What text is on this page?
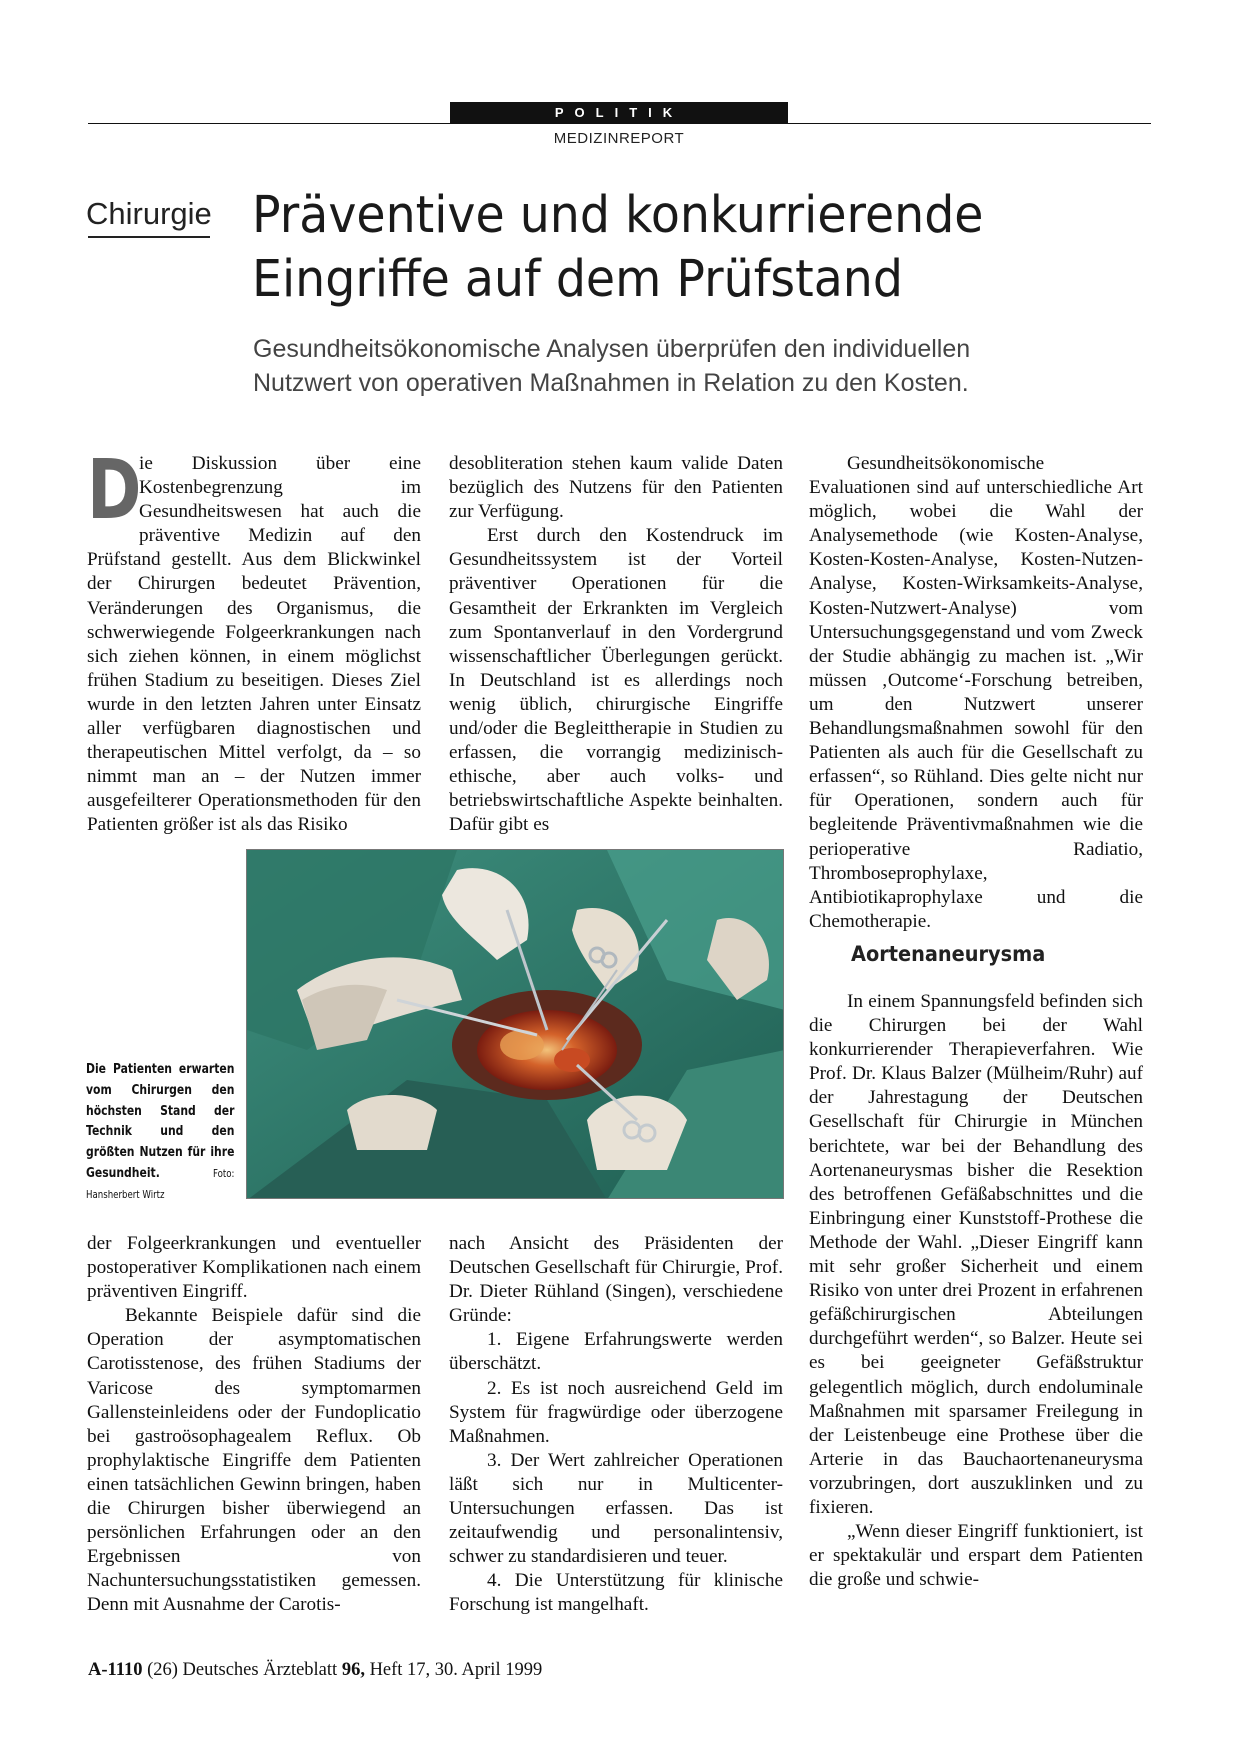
POLITIK
MEDIZINREPORT
Chirurgie Präventive und konkurrierende
Eingriffe auf dem Prüfstand
Gesundheitsökonomische Analysen überprüfen den individuellen
Nutzwert von operativen Maßnahmen in Relation zu den Kosten.

D
ie Diskussion über eine Kostenbegrenzung im Gesundheitswesen hat auch die präventive Medizin auf den Prüfstand gestellt. Aus dem Blickwinkel der Chirurgen bedeutet Prävention, Veränderungen des Organismus, die schwerwiegende Folgeerkrankungen nach sich ziehen können, in einem möglichst frühen Stadium zu beseitigen. Dieses Ziel wurde in den letzten Jahren unter Einsatz aller verfügbaren diagnostischen und therapeutischen Mittel verfolgt, da – so nimmt man an – der Nutzen immer ausgefeilterer Operationsmethoden für den Patienten größer ist als das Risiko

desobliteration stehen kaum valide Daten bezüglich des Nutzens für den Patienten zur Verfügung.

Erst durch den Kostendruck im Gesundheitssystem ist der Vorteil präventiver Operationen für die Gesamtheit der Erkrankten im Vergleich zum Spontanverlauf in den Vordergrund wissenschaftlicher Überlegungen gerückt. In Deutschland ist es allerdings noch wenig üblich, chirurgische Eingriffe und/oder die Begleittherapie in Studien zu erfassen, die vorrangig medizinisch-ethische, aber auch volks- und betriebswirtschaftliche Aspekte beinhalten. Dafür gibt es

Gesundheitsökonomische Evaluationen sind auf unterschiedliche Art möglich, wobei die Wahl der Analysemethode (wie Kosten-Analyse, Kosten-Kosten-Analyse, Kosten-Nutzen-Analyse, Kosten-Wirksamkeits-Analyse, Kosten-Nutzwert-Analyse) vom Untersuchungsgegenstand und vom Zweck der Studie abhängig zu machen ist. „Wir müssen ‚Outcome‘-Forschung betreiben, um den Nutzwert unserer Behandlungsmaßnahmen sowohl für den Patienten als auch für die Gesellschaft zu erfassen“, so Rühland. Dies gelte nicht nur für Operationen, sondern auch für begleitende Präventivmaßnahmen wie die perioperative Radiatio, Thromboseprophylaxe, Antibiotikaprophylaxe und die Chemotherapie.

Aortenaneurysma

In einem Spannungsfeld befinden sich die Chirurgen bei der Wahl konkurrierender Therapieverfahren. Wie Prof. Dr. Klaus Balzer (Mülheim/Ruhr) auf der Jahrestagung der Deutschen Gesellschaft für Chirurgie in München berichtete, war bei der Behandlung des Aortenaneurysmas bisher die Resektion des betroffenen Gefäßabschnittes und die Einbringung einer Kunststoff-Prothese die Methode der Wahl. „Dieser Eingriff kann mit sehr großer Sicherheit und einem Risiko von unter drei Prozent in erfahrenen gefäßchirurgischen Abteilungen durchgeführt werden“, so Balzer. Heute sei es bei geeigneter Gefäßstruktur gelegentlich möglich, durch endoluminale Maßnahmen mit sparsamer Freilegung in der Leistenbeuge eine Prothese über die Arterie in das Bauchaortenaneurysma vorzubringen, dort auszuklinken und zu fixieren.

„Wenn dieser Eingriff funktioniert, ist er spektakulär und erspart dem Patienten die große und schwie-

Die Patienten erwarten vom Chirurgen den höchsten Stand der Technik und den größten Nutzen für ihre Gesundheit.	Foto: Hansherbert Wirtz

der Folgeerkrankungen und eventueller postoperativer Komplikationen nach einem präventiven Eingriff.

Bekannte Beispiele dafür sind die Operation der asymptomatischen Carotisstenose, des frühen Stadiums der Varicose des symptomarmen Gallensteinleidens oder der Fundoplicatio bei gastroösophagealem Reflux. Ob prophylaktische Eingriffe dem Patienten einen tatsächlichen Gewinn bringen, haben die Chirurgen bisher überwiegend an persönlichen Erfahrungen oder an den Ergebnissen von Nachuntersuchungsstatistiken gemessen. Denn mit Ausnahme der Carotis-

nach Ansicht des Präsidenten der Deutschen Gesellschaft für Chirurgie, Prof. Dr. Dieter Rühland (Singen), verschiedene Gründe:

1. Eigene Erfahrungswerte werden überschätzt.

2. Es ist noch ausreichend Geld im System für fragwürdige oder überzogene Maßnahmen.

3. Der Wert zahlreicher Operationen läßt sich nur in Multicenter-Untersuchungen erfassen. Das ist zeitaufwendig und personalintensiv, schwer zu standardisieren und teuer.

4. Die Unterstützung für klinische Forschung ist mangelhaft.

A-1110 (26) Deutsches Ärzteblatt 96, Heft 17, 30. April 1999
